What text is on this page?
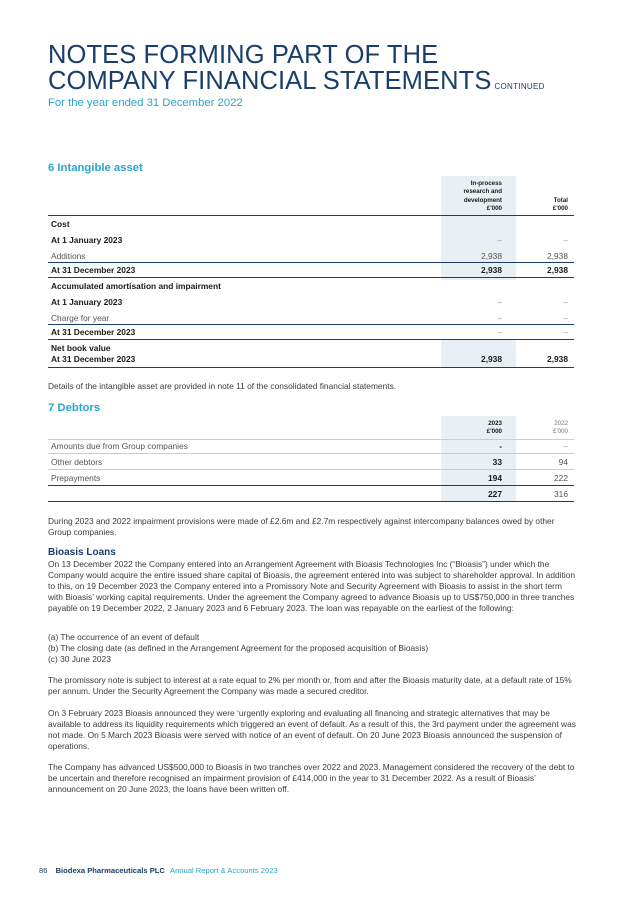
NOTES FORMING PART OF THE
COMPANY FINANCIAL STATEMENTS CONTINUED
For the year ended 31 December 2022
6 Intangible asset
In-process
research and
development
£'000
Total
£'000
Cost
At 1 January 2023	–	–
Additions	2,938	2,938
At 31 December 2023	2,938	2,938
Accumulated amortisation and impairment
At 1 January 2023	–	–
Charge for year	–	–
At 31 December 2023	–	–
Net book value
At 31 December 2023	2,938	2,938

Details of the intangible asset are provided in note 11 of the consolidated financial statements.

7 Debtors
2023
£'000
2022
£'000
Amounts due from Group companies	-	–
Other debtors	33	94
Prepayments	194	222
227	316

During 2023 and 2022 impairment provisions were made of £2.6m and £2.7m respectively against intercompany balances owed by other Group companies.

Bioasis Loans

On 13 December 2022 the Company entered into an Arrangement Agreement with Bioasis Technologies Inc (“Bioasis”) under which the Company would acquire the entire issued share capital of Bioasis, the agreement entered into was subject to shareholder approval. In addition to this, on 19 December 2023 the Company entered into a Promissory Note and Security Agreement with Bioasis to assist in the short term with Bioasis’ working capital requirements. Under the agreement the Company agreed to advance Bioasis up to US$750,000 in three tranches payable on 19 December 2022, 2 January 2023 and 6 February 2023. The loan was repayable on the earliest of the following:

(a) The occurrence of an event of default
(b) The closing date (as defined in the Arrangement Agreement for the proposed acquisition of Bioasis)
(c) 30 June 2023

The promissory note is subject to interest at a rate equal to 2% per month or, from and after the Bioasis maturity date, at a default rate of 15% per annum. Under the Security Agreement the Company was made a secured creditor.

On 3 February 2023 Bioasis announced they were ‘urgently exploring and evaluating all financing and strategic alternatives that may be available to address its liquidity requirements which triggered an event of default. As a result of this, the 3rd payment under the agreement was not made. On 5 March 2023 Bioasis were served with notice of an event of default. On 20 June 2023 Bioasis announced the suspension of operations.

The Company has advanced US$500,000 to Bioasis in two tranches over 2022 and 2023. Management considered the recovery of the debt to be uncertain and therefore recognised an impairment provision of £414,000 in the year to 31 December 2022. As a result of Bioasis’ announcement on 20 June 2023, the loans have been written off.

86 Biodexa Pharmaceuticals PLC Annual Report & Accounts 2023
